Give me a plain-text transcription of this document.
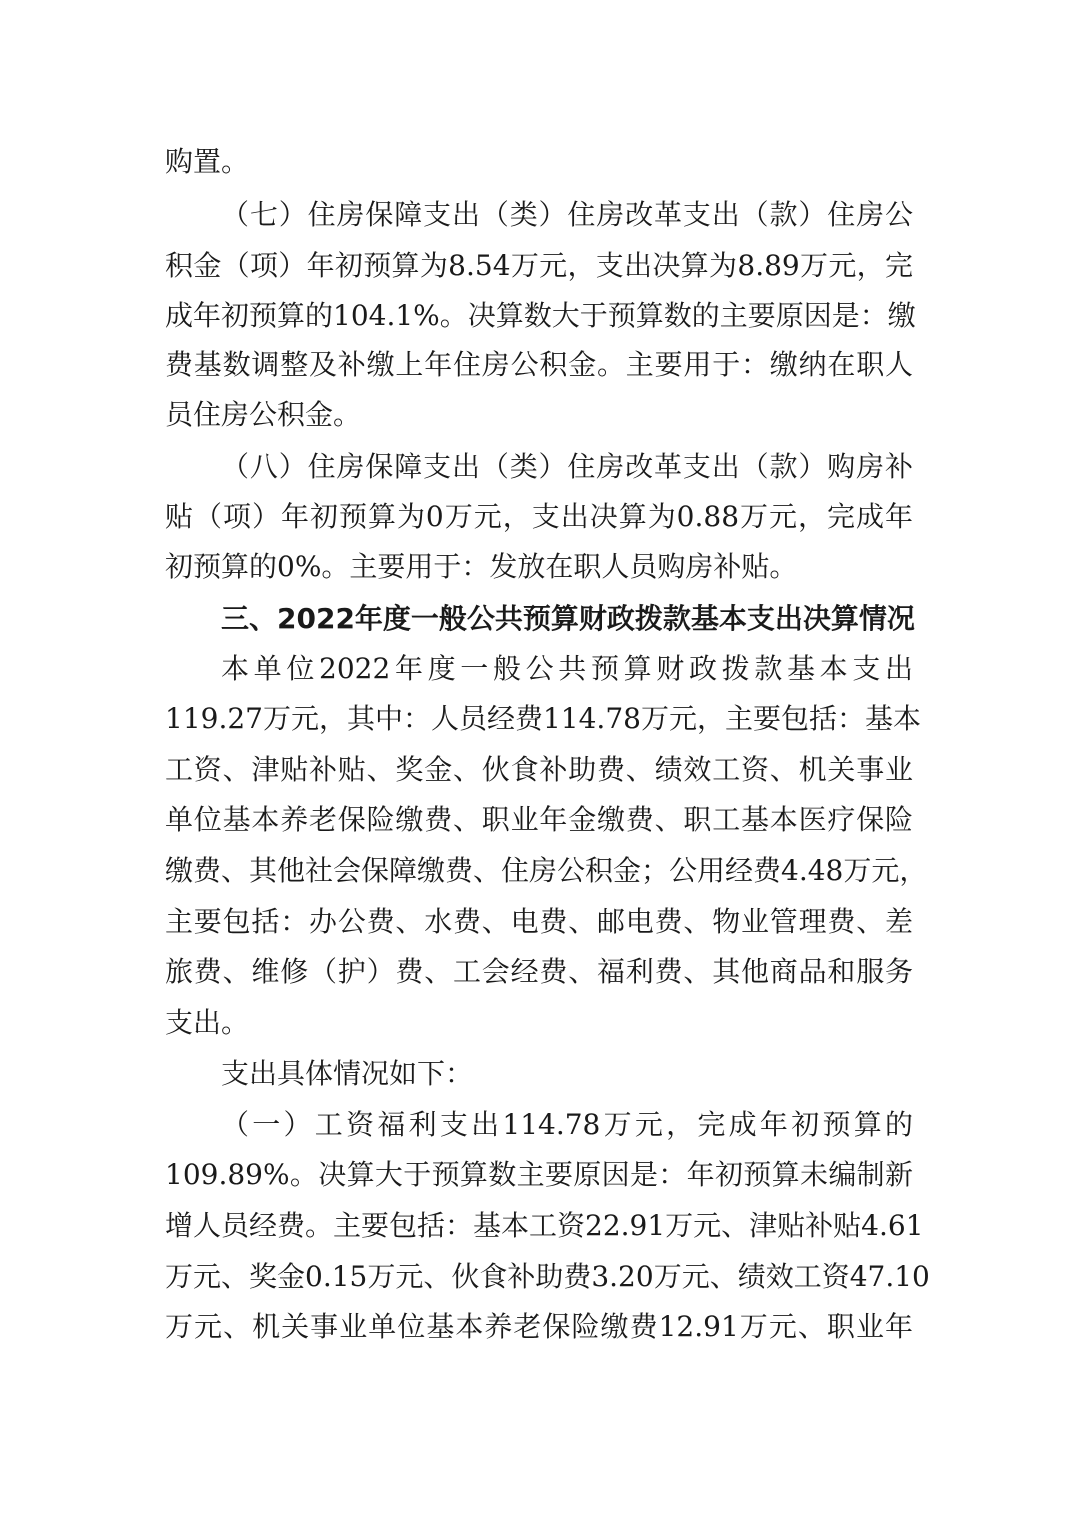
购置。
（七）住房保障支出（类）住房改革支出（款）住房公
积金（项）年初预算为8.54万元，支出决算为8.89万元，完
成年初预算的104.1%。决算数大于预算数的主要原因是：缴
费基数调整及补缴上年住房公积金。主要用于：缴纳在职人
员住房公积金。
（八）住房保障支出（类）住房改革支出（款）购房补
贴（项）年初预算为0万元，支出决算为0.88万元，完成年
初预算的0%。主要用于：发放在职人员购房补贴。
三、2022年度一般公共预算财政拨款基本支出决算情况
本单位2022年度一般公共预算财政拨款基本支出
119.27万元，其中：人员经费114.78万元，主要包括：基本
工资、津贴补贴、奖金、伙食补助费、绩效工资、机关事业
单位基本养老保险缴费、职业年金缴费、职工基本医疗保险
缴费、其他社会保障缴费、住房公积金；公用经费4.48万元，
主要包括：办公费、水费、电费、邮电费、物业管理费、差
旅费、维修（护）费、工会经费、福利费、其他商品和服务
支出。
支出具体情况如下：
（一）工资福利支出114.78万元，完成年初预算的
109.89%。决算大于预算数主要原因是：年初预算未编制新
增人员经费。主要包括：基本工资22.91万元、津贴补贴4.61
万元、奖金0.15万元、伙食补助费3.20万元、绩效工资47.10
万元、机关事业单位基本养老保险缴费12.91万元、职业年
